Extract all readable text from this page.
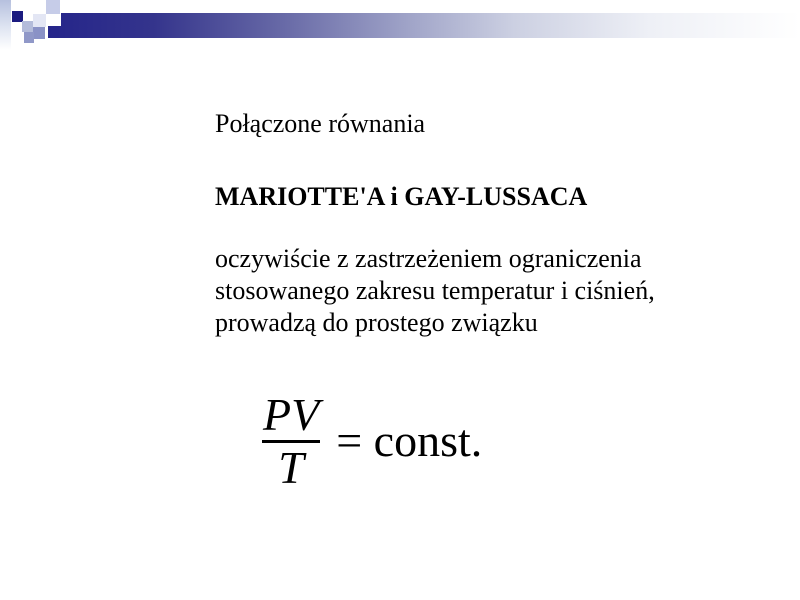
Połączone równania
MARIOTTE'A i GAY-LUSSACA
oczywiście z zastrzeżeniem ograniczenia
stosowanego zakresu temperatur i ciśnień,
prowadzą do prostego związku
$\frac{PV}{T}$ = const.
